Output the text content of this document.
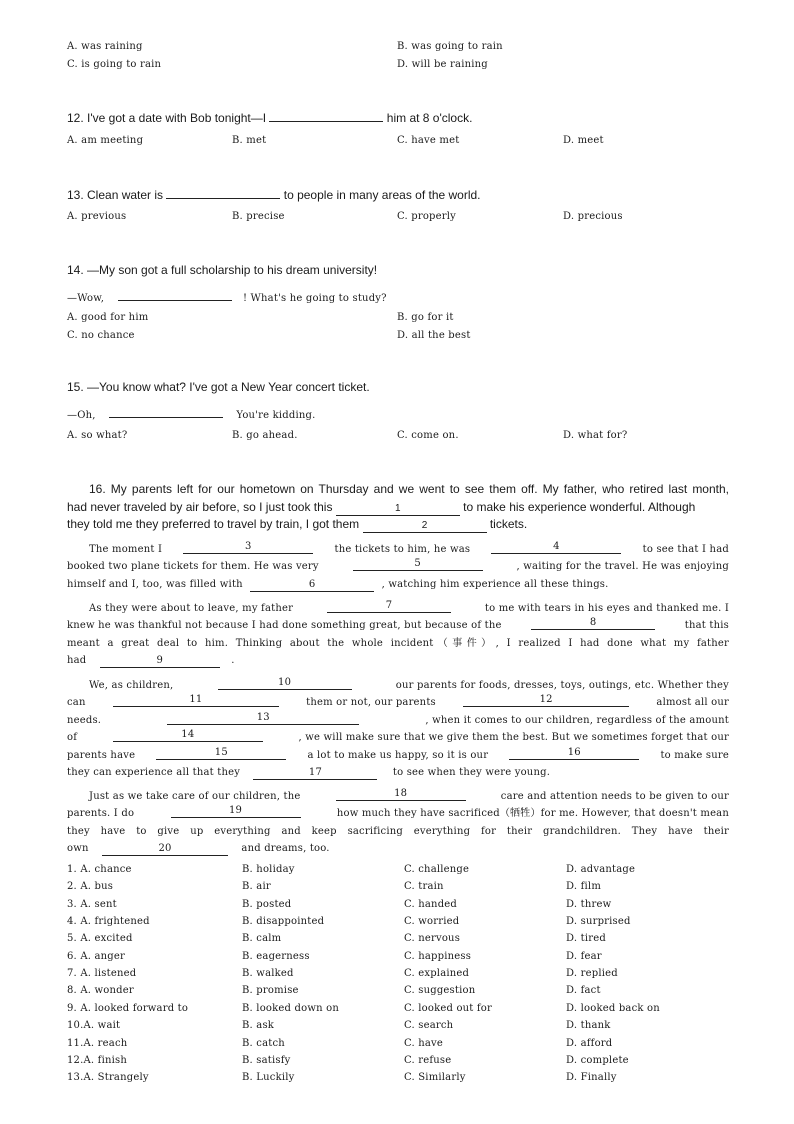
A. was raining	B. was going to rain
C. is going to rain	D. will be raining
12. I've got a date with Bob tonight—I	him at 8 o'clock.
A. am meeting	B. met	C. have met	D. meet
13. Clean water is	to people in many areas of the world.
A. previous	B. precise	C. properly	D. precious
14. —My son got a full scholarship to his dream university!
—Wow,	! What's he going to study?
A. good for him	B. go for it
C. no chance	D. all the best
15. —You know what? I've got a New Year concert ticket.
—Oh,	You're kidding.
A. so what?	B. go ahead.	C. come on.	D. what for?
16. My parents left for our hometown on Thursday and we went to see them off. My father, who retired last month,
had never traveled by air before, so I just took this	1	to make his experience wonderful. Although
they told me they preferred to travel by train, I got them	2	tickets.
The moment I	3	the tickets to him, he was	4	to see that I had
booked two plane tickets for them. He was very	5	, waiting for the travel. He was enjoying
himself and I, too, was filled with	6	, watching him experience all these things.
As they were about to leave, my father	7	to me with tears in his eyes and thanked me. I
knew he was thankful not because I had done something great, but because of the	8	that this
meant a great deal to him. Thinking about the whole incident（事件）, I realized I had done what my father
had	9	.
We, as children,	10	our parents for foods, dresses, toys, outings, etc. Whether they
can	11	them or not, our parents	12	almost all our
needs.	13	, when it comes to our children, regardless of the amount
of	14	, we will make sure that we give them the best. But we sometimes forget that our
parents have	15	a lot to make us happy, so it is our	16	to make sure
they can experience all that they	17	to see when they were young.
Just as we take care of our children, the	18	care and attention needs to be given to our
parents. I do	19	how much they have sacrificed（牺牲）for me. However, that doesn't mean
they have to give up everything and keep sacrificing everything for their grandchildren. They have their
own	20	and dreams, too.
1. A. chance	B. holiday	C. challenge	D. advantage
2. A. bus	B. air	C. train	D. film
3. A. sent	B. posted	C. handed	D. threw
4. A. frightened	B. disappointed	C. worried	D. surprised
5. A. excited	B. calm	C. nervous	D. tired
6. A. anger	B. eagerness	C. happiness	D. fear
7. A. listened	B. walked	C. explained	D. replied
8. A. wonder	B. promise	C. suggestion	D. fact
9. A. looked forward to	B. looked down on	C. looked out for	D. looked back on
10.A. wait	B. ask	C. search	D. thank
11.A. reach	B. catch	C. have	D. afford
12.A. finish	B. satisfy	C. refuse	D. complete
13.A. Strangely	B. Luckily	C. Similarly	D. Finally
